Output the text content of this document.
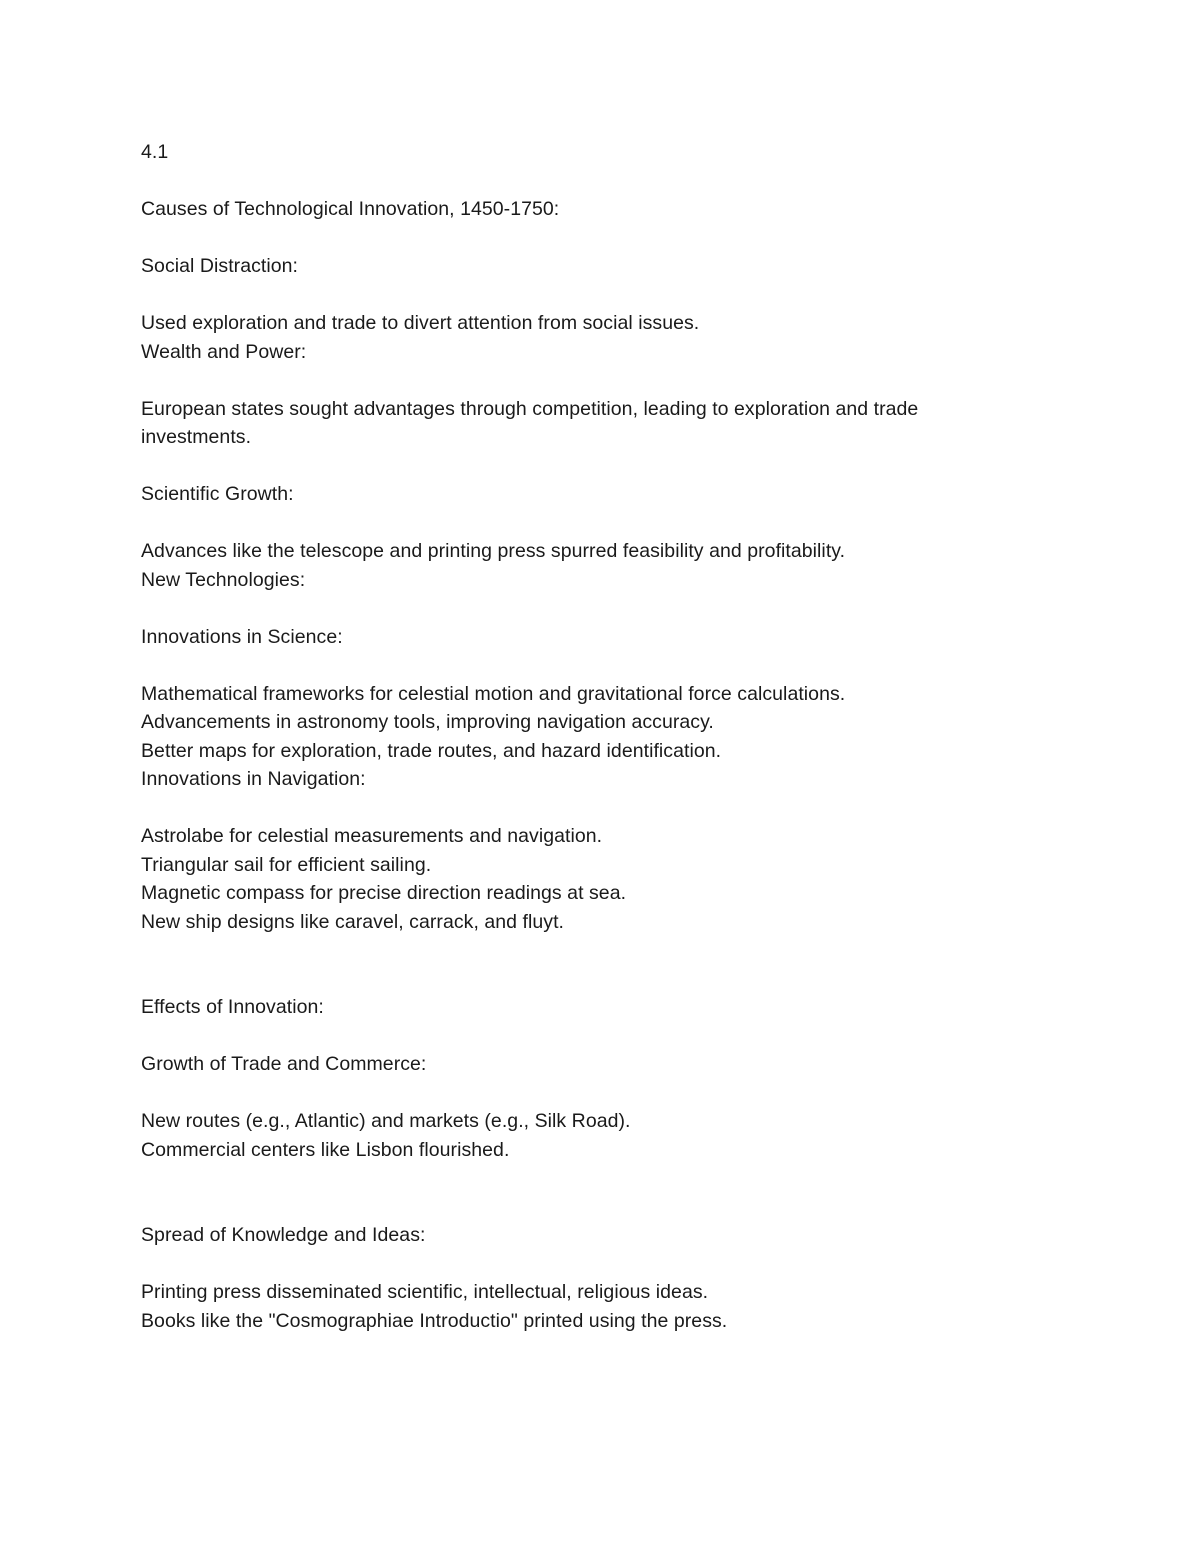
4.1
Causes of Technological Innovation, 1450-1750:
Social Distraction:
Used exploration and trade to divert attention from social issues.
Wealth and Power:
European states sought advantages through competition, leading to exploration and trade investments.
Scientific Growth:
Advances like the telescope and printing press spurred feasibility and profitability.
New Technologies:
Innovations in Science:
Mathematical frameworks for celestial motion and gravitational force calculations.
Advancements in astronomy tools, improving navigation accuracy.
Better maps for exploration, trade routes, and hazard identification.
Innovations in Navigation:
Astrolabe for celestial measurements and navigation.
Triangular sail for efficient sailing.
Magnetic compass for precise direction readings at sea.
New ship designs like caravel, carrack, and fluyt.
Effects of Innovation:
Growth of Trade and Commerce:
New routes (e.g., Atlantic) and markets (e.g., Silk Road).
Commercial centers like Lisbon flourished.
Spread of Knowledge and Ideas:
Printing press disseminated scientific, intellectual, religious ideas.
Books like the "Cosmographiae Introductio" printed using the press.
